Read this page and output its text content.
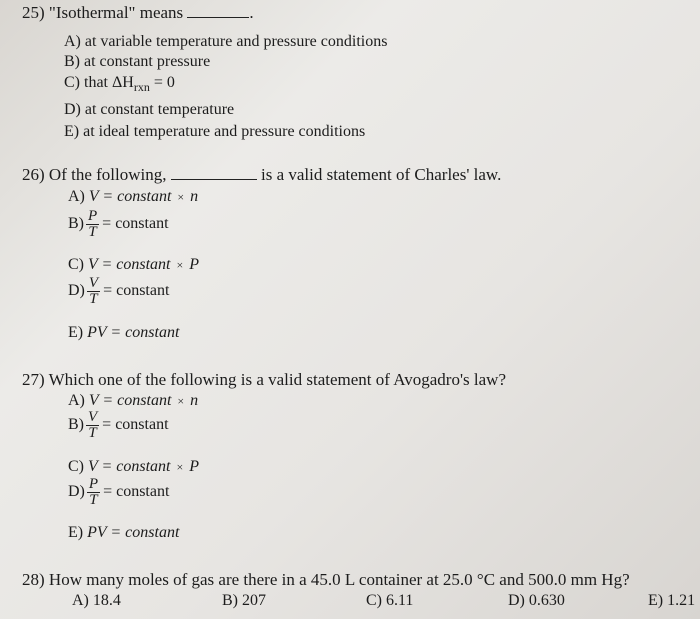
25) "Isothermal" means	.
A) at variable temperature and pressure conditions
B) at constant pressure
C) that $\Delta H_{rxn} = 0$
D) at constant temperature
E) at ideal temperature and pressure conditions
26) Of the following,	is a valid statement of Charles' law.
A) V = constant × n
$B) \frac{P}{T}$ = constant
C) V = constant × P
$D) \frac{V}{T}$ = constant
E) PV = constant
27) Which one of the following is a valid statement of Avogadro's law?
A) V = constant × n
$B) \frac{V}{T}$ = constant
C) V = constant × P
$D) \frac{P}{T}$ = constant
E) PV = constant
28) How many moles of gas are there in a 45.0 L container at 25.0 °C and 500.0 mm Hg?
A) 18.4	B) 207	C) 6.11	D) 0.630	E) 1.21
